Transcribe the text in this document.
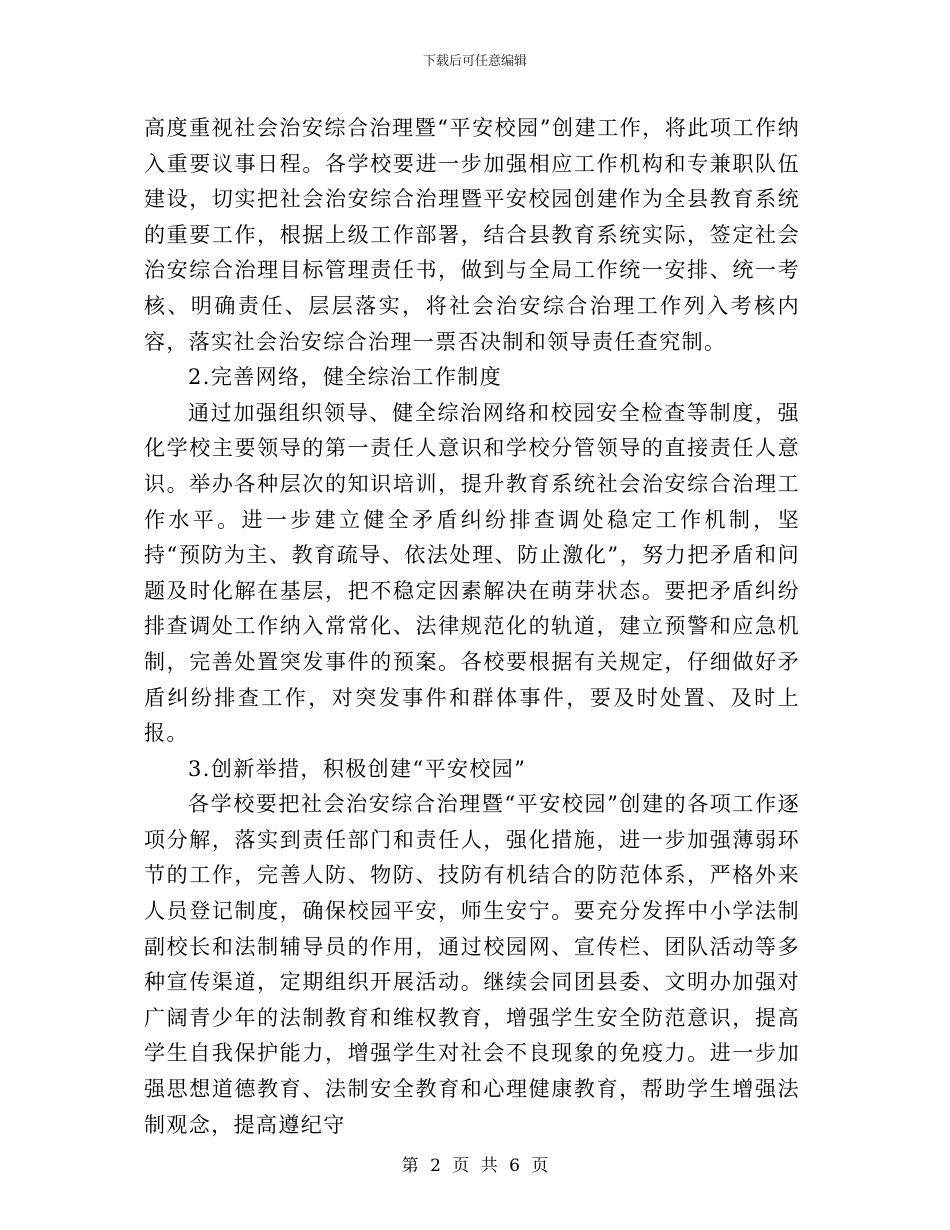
下载后可任意编辑

高度重视社会治安综合治理暨“平安校园”创建工作，将此项工作纳入重要议事日程。各学校要进一步加强相应工作机构和专兼职队伍建设，切实把社会治安综合治理暨平安校园创建作为全县教育系统的重要工作，根据上级工作部署，结合县教育系统实际，签定社会治安综合治理目标管理责任书，做到与全局工作统一安排、统一考核、明确责任、层层落实，将社会治安综合治理工作列入考核内容，落实社会治安综合治理一票否决制和领导责任查究制。

2.完善网络，健全综治工作制度

通过加强组织领导、健全综治网络和校园安全检查等制度，强化学校主要领导的第一责任人意识和学校分管领导的直接责任人意识。举办各种层次的知识培训，提升教育系统社会治安综合治理工作水平。进一步建立健全矛盾纠纷排查调处稳定工作机制，坚持“预防为主、教育疏导、依法处理、防止激化”，努力把矛盾和问题及时化解在基层，把不稳定因素解决在萌芽状态。要把矛盾纠纷排查调处工作纳入常常化、法律规范化的轨道，建立预警和应急机制，完善处置突发事件的预案。各校要根据有关规定，仔细做好矛盾纠纷排查工作，对突发事件和群体事件，要及时处置、及时上报。

3.创新举措，积极创建“平安校园”

各学校要把社会治安综合治理暨“平安校园”创建的各项工作逐项分解，落实到责任部门和责任人，强化措施，进一步加强薄弱环节的工作，完善人防、物防、技防有机结合的防范体系，严格外来人员登记制度，确保校园平安，师生安宁。要充分发挥中小学法制副校长和法制辅导员的作用，通过校园网、宣传栏、团队活动等多种宣传渠道，定期组织开展活动。继续会同团县委、文明办加强对广阔青少年的法制教育和维权教育，增强学生安全防范意识，提高学生自我保护能力，增强学生对社会不良现象的免疫力。进一步加强思想道德教育、法制安全教育和心理健康教育，帮助学生增强法制观念，提高遵纪守

第 2 页 共 6 页
